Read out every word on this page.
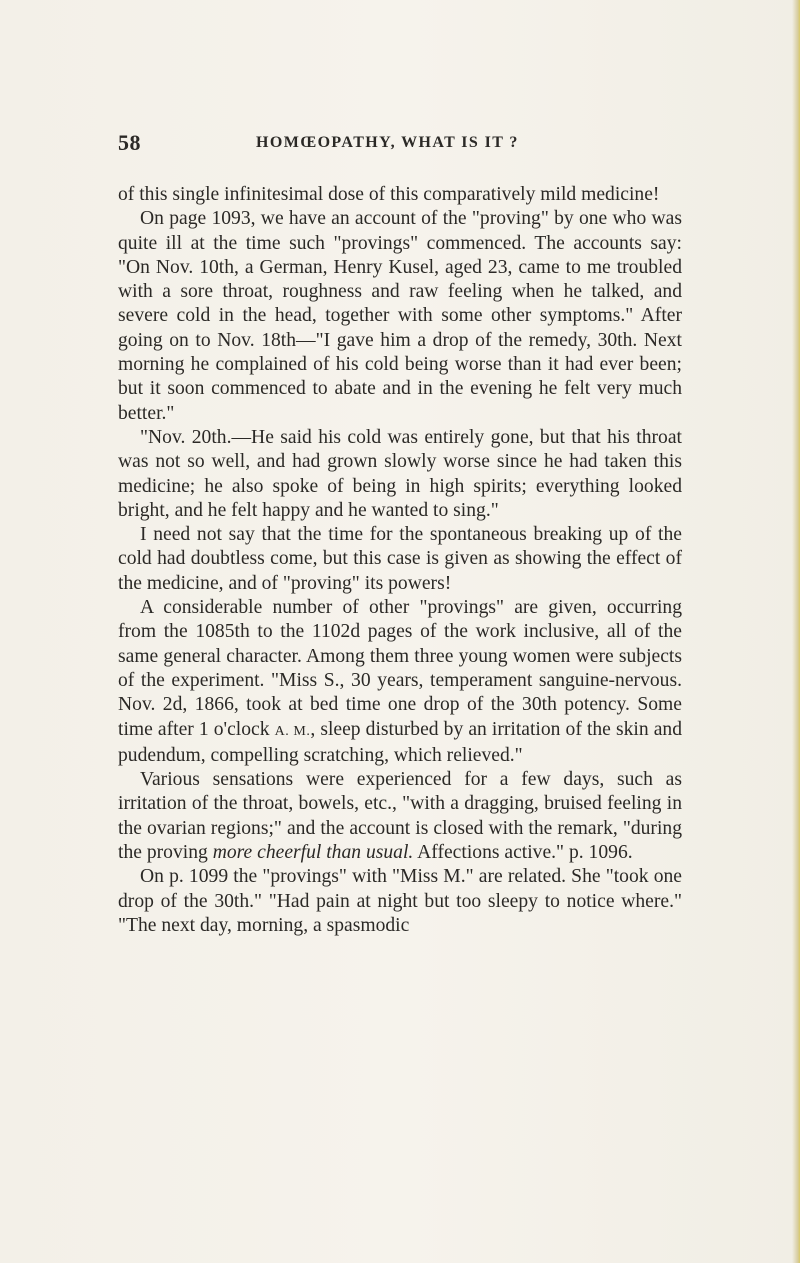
58	HOMŒOPATHY, WHAT IS IT ?

of this single infinitesimal dose of this comparatively mild medicine!

On page 1093, we have an account of the "proving" by one who was quite ill at the time such "provings" commenced. The accounts say: "On Nov. 10th, a German, Henry Kusel, aged 23, came to me troubled with a sore throat, roughness and raw feeling when he talked, and severe cold in the head, together with some other symptoms." After going on to Nov. 18th—"I gave him a drop of the remedy, 30th. Next morning he complained of his cold being worse than it had ever been; but it soon commenced to abate and in the evening he felt very much better."

"Nov. 20th.—He said his cold was entirely gone, but that his throat was not so well, and had grown slowly worse since he had taken this medicine; he also spoke of being in high spirits; everything looked bright, and he felt happy and he wanted to sing."

I need not say that the time for the spontaneous breaking up of the cold had doubtless come, but this case is given as showing the effect of the medicine, and of "proving" its powers!

A considerable number of other "provings" are given, occurring from the 1085th to the 1102d pages of the work inclusive, all of the same general character. Among them three young women were subjects of the experiment. "Miss S., 30 years, temperament sanguine-nervous. Nov. 2d, 1866, took at bed time one drop of the 30th potency. Some time after 1 o'clock A. M., sleep disturbed by an irritation of the skin and pudendum, compelling scratching, which relieved."

Various sensations were experienced for a few days, such as irritation of the throat, bowels, etc., "with a dragging, bruised feeling in the ovarian regions;" and the account is closed with the remark, "during the proving more cheerful than usual. Affections active." p. 1096.

On p. 1099 the "provings" with "Miss M." are related. She "took one drop of the 30th." "Had pain at night but too sleepy to notice where." "The next day, morning, a spasmodic
